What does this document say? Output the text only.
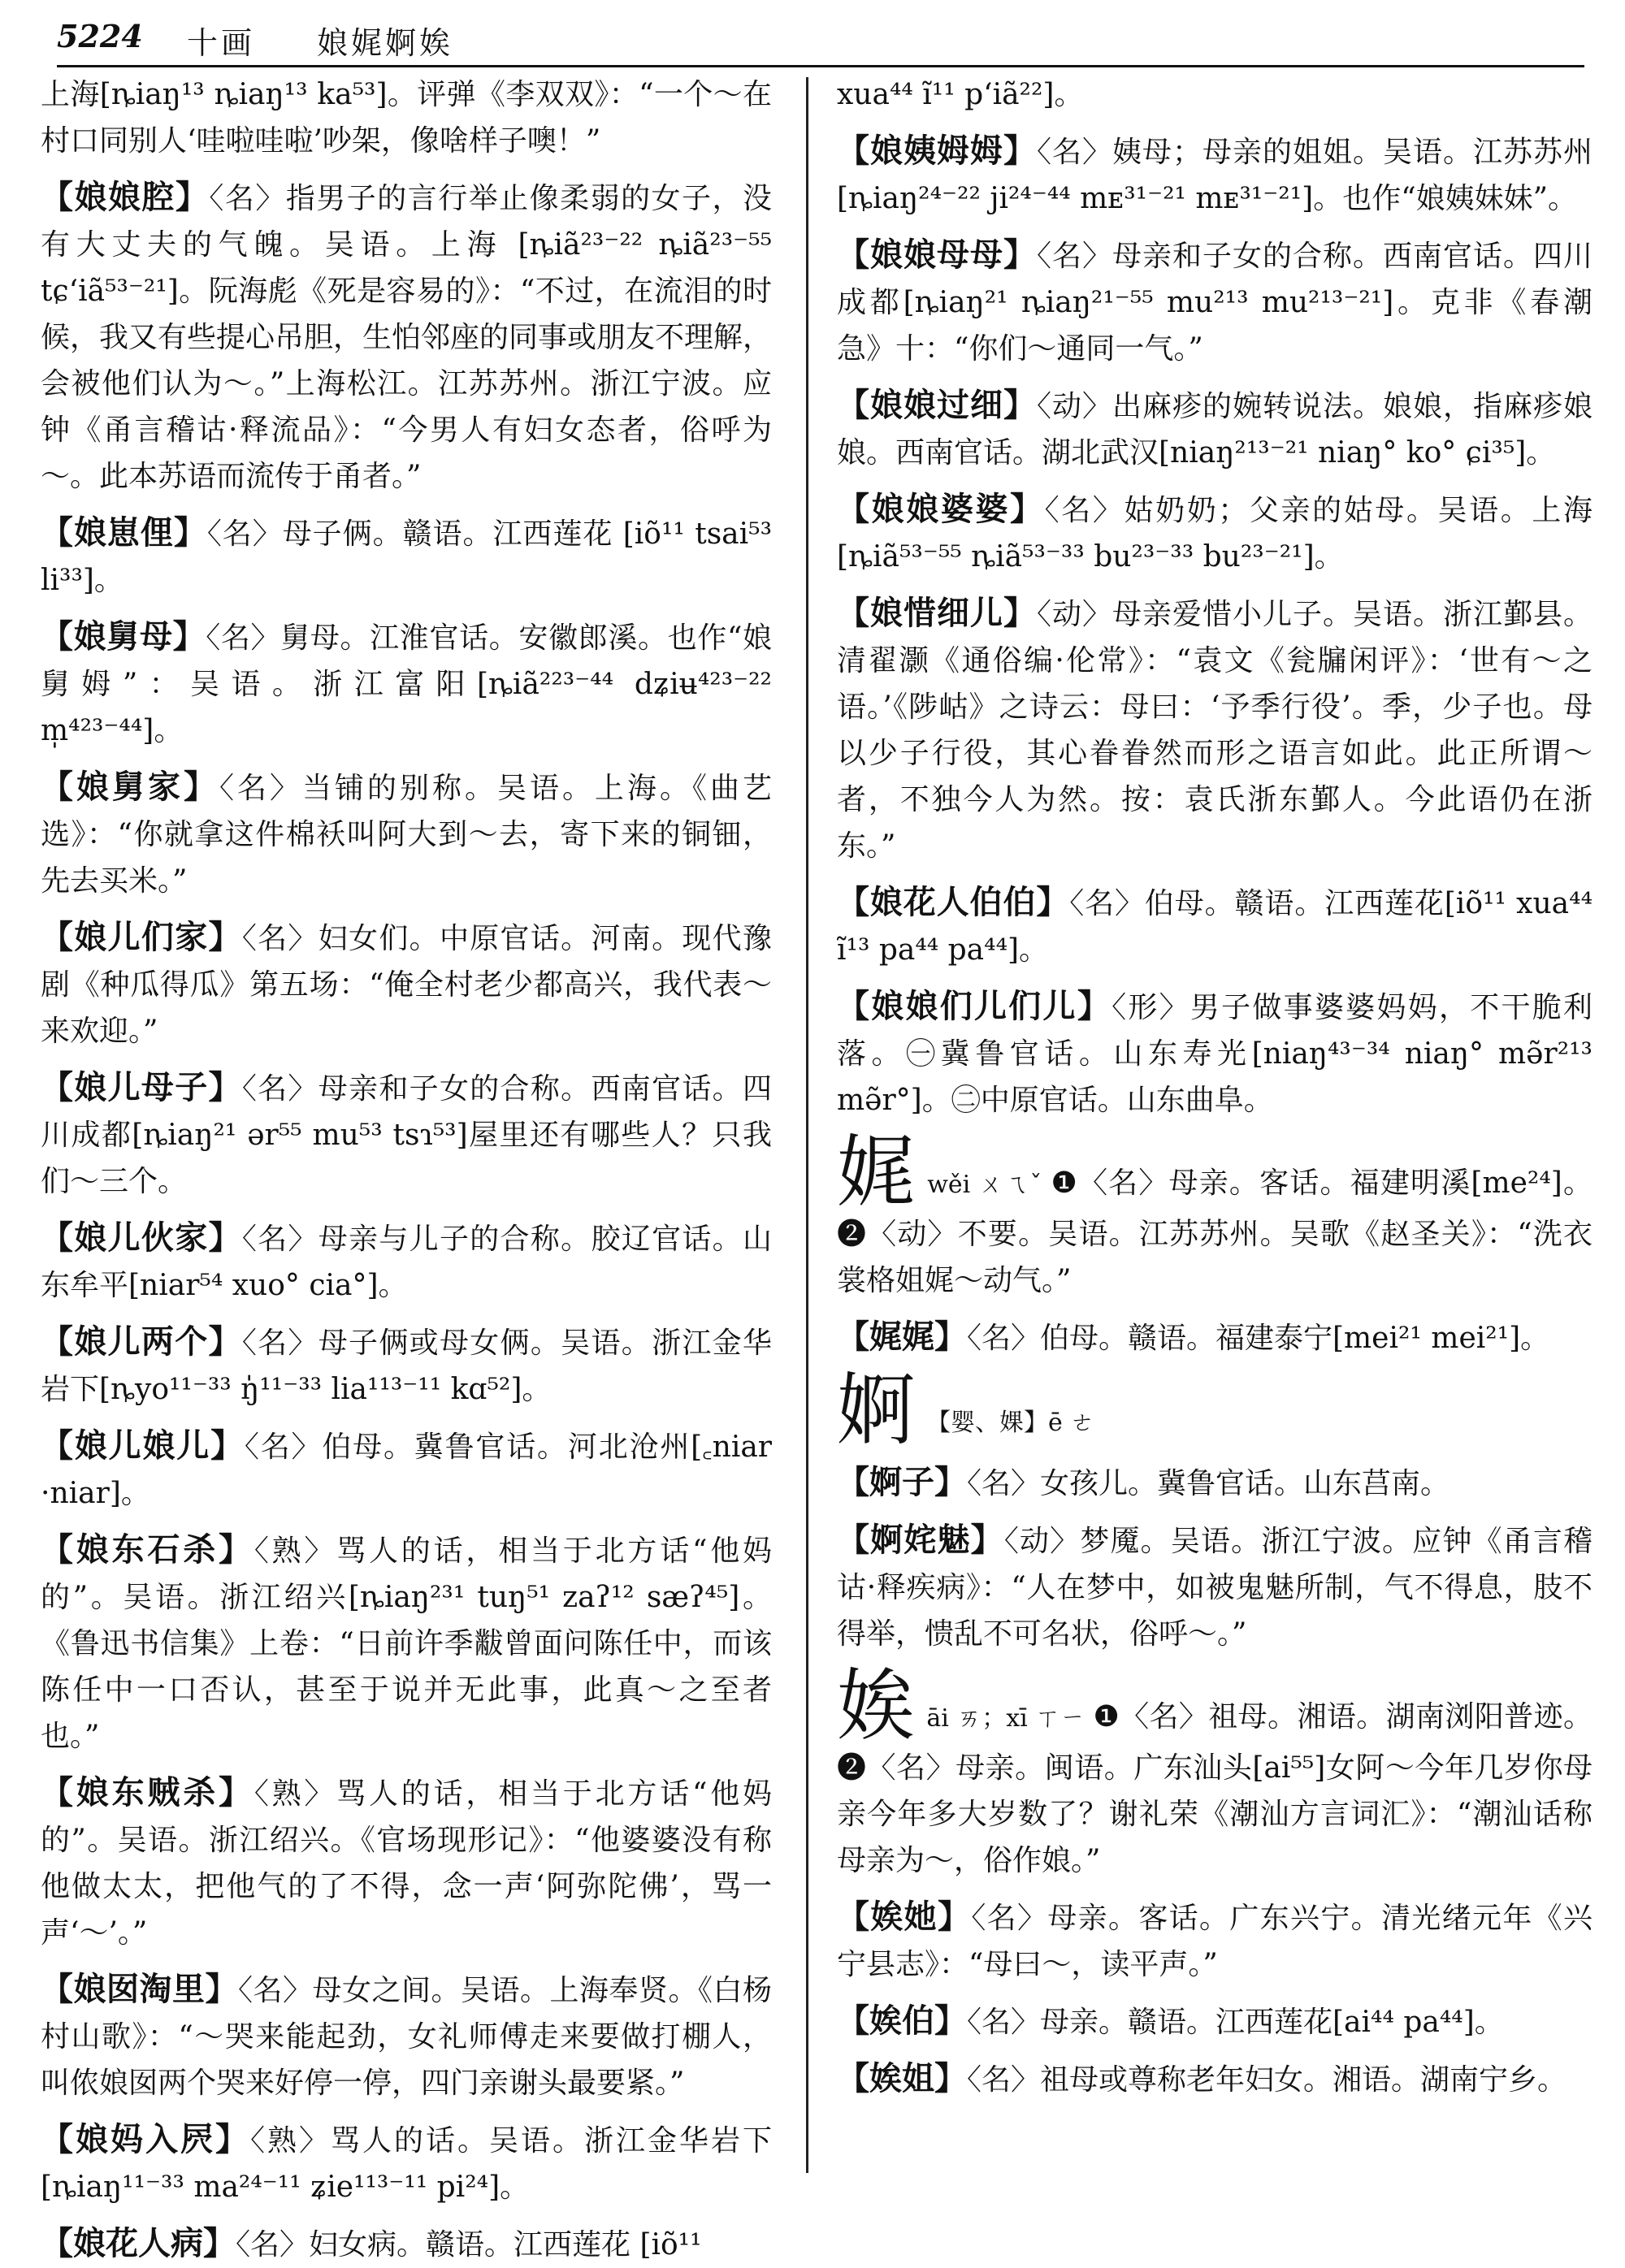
5224 十画 娘娓婀娭

上海[ȵiaŋ¹³ ȵiaŋ¹³ ka⁵³]。评弹《李双双》：“一个～在村口同别人‘哇啦哇啦’吵架，像啥样子噢！”

【娘娘腔】〈名〉指男子的言行举止像柔弱的女子，没有大丈夫的气魄。吴语。上海 [ȵiã²³⁻²² ȵiã²³⁻⁵⁵ tɕʻiã⁵³⁻²¹]。阮海彪《死是容易的》：“不过，在流泪的时候，我又有些提心吊胆，生怕邻座的同事或朋友不理解，会被他们认为～。”上海松江。江苏苏州。浙江宁波。应钟《甬言稽诂·释流品》：“今男人有妇女态者，俗呼为～。此本苏语而流传于甬者。”

【娘崽俚】〈名〉母子俩。赣语。江西莲花 [iõ¹¹ tsai⁵³ li³³]。

【娘舅母】〈名〉舅母。江淮官话。安徽郎溪。也作“娘舅姆”：吴语。浙江富阳[ȵiã²²³⁻⁴⁴ dʑiʉ⁴²³⁻²² m̩⁴²³⁻⁴⁴]。

【娘舅家】〈名〉当铺的别称。吴语。上海。《曲艺选》：“你就拿这件棉袄叫阿大到～去，寄下来的铜钿，先去买米。”

【娘儿们家】〈名〉妇女们。中原官话。河南。现代豫剧《种瓜得瓜》第五场：“俺全村老少都高兴，我代表～来欢迎。”

【娘儿母子】〈名〉母亲和子女的合称。西南官话。四川成都[ȵiaŋ²¹ ər⁵⁵ mu⁵³ tsɿ⁵³]屋里还有哪些人？只我们～三个。

【娘儿伙家】〈名〉母亲与儿子的合称。胶辽官话。山东牟平[niar⁵⁴ xuo° cia°]。

【娘儿两个】〈名〉母子俩或母女俩。吴语。浙江金华岩下[ȵyo¹¹⁻³³ ŋ̍¹¹⁻³³ lia¹¹³⁻¹¹ kɑ⁵²]。

【娘儿娘儿】〈名〉伯母。冀鲁官话。河北沧州[꜀niar ·niar]。

【娘东石杀】〈熟〉骂人的话，相当于北方话“他妈的”。吴语。浙江绍兴[ȵiaŋ²³¹ tuŋ⁵¹ zaʔ¹² sæʔ⁴⁵]。《鲁迅书信集》上卷：“日前许季黻曾面问陈任中，而该陈任中一口否认，甚至于说并无此事，此真～之至者也。”

【娘东贼杀】〈熟〉骂人的话，相当于北方话“他妈的”。吴语。浙江绍兴。《官场现形记》：“他婆婆没有称他做太太，把他气的了不得，念一声‘阿弥陀佛’，骂一声‘～’。”

【娘囡淘里】〈名〉母女之间。吴语。上海奉贤。《白杨村山歌》：“～哭来能起劲，女礼师傅走来要做打棚人，叫侬娘囡两个哭来好停一停，四门亲谢头最要紧。”

【娘妈入屄】〈熟〉骂人的话。吴语。浙江金华岩下[ȵiaŋ¹¹⁻³³ ma²⁴⁻¹¹ ʑie¹¹³⁻¹¹ pi²⁴]。

【娘花人病】〈名〉妇女病。赣语。江西莲花 [iõ¹¹

xua⁴⁴ ĩ¹¹ pʻiã²²]。

【娘姨姆姆】〈名〉姨母；母亲的姐姐。吴语。江苏苏州[ȵiaŋ²⁴⁻²² ji²⁴⁻⁴⁴ mᴇ³¹⁻²¹ mᴇ³¹⁻²¹]。也作“娘姨妹妹”。

【娘娘母母】〈名〉母亲和子女的合称。西南官话。四川成都[ȵiaŋ²¹ ȵiaŋ²¹⁻⁵⁵ mu²¹³ mu²¹³⁻²¹]。克非《春潮急》十：“你们～通同一气。”

【娘娘过细】〈动〉出麻疹的婉转说法。娘娘，指麻疹娘娘。西南官话。湖北武汉[niaŋ²¹³⁻²¹ niaŋ° ko° ɕi³⁵]。

【娘娘婆婆】〈名〉姑奶奶；父亲的姑母。吴语。上海[ȵiã⁵³⁻⁵⁵ ȵiã⁵³⁻³³ bu²³⁻³³ bu²³⁻²¹]。

【娘惜细儿】〈动〉母亲爱惜小儿子。吴语。浙江鄞县。清翟灏《通俗编·伦常》：“袁文《瓮牖闲评》：‘世有～之语。’《陟岵》之诗云：母曰：‘予季行役’。季，少子也。母以少子行役，其心眷眷然而形之语言如此。此正所谓～者，不独今人为然。按：袁氏浙东鄞人。今此语仍在浙东。”

【娘花人伯伯】〈名〉伯母。赣语。江西莲花[iõ¹¹ xua⁴⁴ ĩ¹³ pa⁴⁴ pa⁴⁴]。

【娘娘们儿们儿】〈形〉男子做事婆婆妈妈，不干脆利落。㊀冀鲁官话。山东寿光[niaŋ⁴³⁻³⁴ niaŋ° mə̃r²¹³ mə̃r°]。㊁中原官话。山东曲阜。

娓wěi ㄨㄟˇ ❶〈名〉母亲。客话。福建明溪[me²⁴]。❷〈动〉不要。吴语。江苏苏州。吴歌《赵圣关》：“洗衣裳格姐娓～动气。”

【娓娓】〈名〉伯母。赣语。福建泰宁[mei²¹ mei²¹]。

婀 【婴、婐】ē ㄜ

【婀子】〈名〉女孩儿。冀鲁官话。山东莒南。

【婀姹魅】〈动〉梦魇。吴语。浙江宁波。应钟《甬言稽诂·释疾病》：“人在梦中，如被鬼魅所制，气不得息，肢不得举，愦乱不可名状，俗呼～。”

娭āi ㄞ；xī ㄒㄧ ❶〈名〉祖母。湘语。湖南浏阳普迹。❷〈名〉母亲。闽语。广东汕头[ai⁵⁵]女阿～今年几岁你母亲今年多大岁数了？谢礼荣《潮汕方言词汇》：“潮汕话称母亲为～，俗作娘。”

【娭她】〈名〉母亲。客话。广东兴宁。清光绪元年《兴宁县志》：“母曰～，读平声。”

【娭伯】〈名〉母亲。赣语。江西莲花[ai⁴⁴ pa⁴⁴]。

【娭姐】〈名〉祖母或尊称老年妇女。湘语。湖南宁乡。
